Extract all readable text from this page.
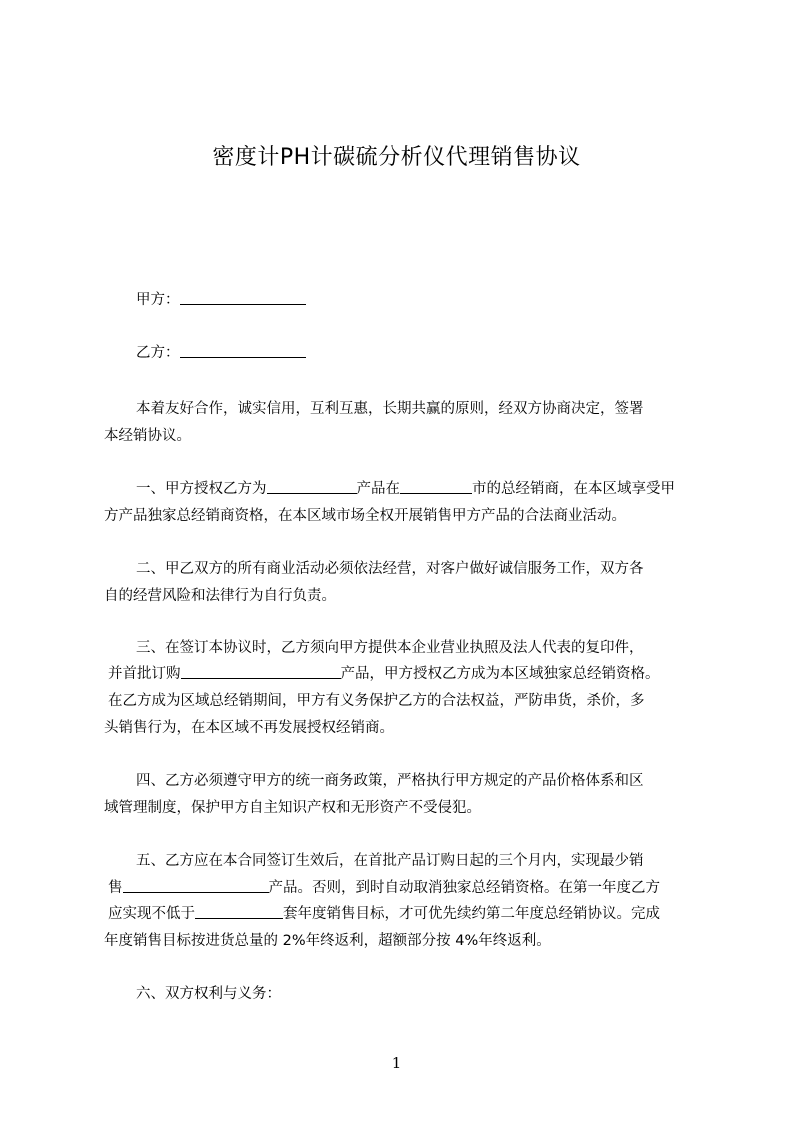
密度计PH计碳硫分析仪代理销售协议
甲方：
乙方：
本着友好合作，诚实信用，互利互惠，长期共赢的原则，经双方协商决定，签署
本经销协议。
一、甲方授权乙方为	产品在	市的总经销商，在本区域享受甲
方产品独家总经销商资格，在本区域市场全权开展销售甲方产品的合法商业活动。
二、甲乙双方的所有商业活动必须依法经营，对客户做好诚信服务工作，双方各
自的经营风险和法律行为自行负责。
三、在签订本协议时，乙方须向甲方提供本企业营业执照及法人代表的复印件，
并首批订购	产品，甲方授权乙方成为本区域独家总经销资格。
在乙方成为区域总经销期间，甲方有义务保护乙方的合法权益，严防串货，杀价，多
头销售行为，在本区域不再发展授权经销商。
四、乙方必须遵守甲方的统一商务政策，严格执行甲方规定的产品价格体系和区
域管理制度，保护甲方自主知识产权和无形资产不受侵犯。
五、乙方应在本合同签订生效后，在首批产品订购日起的三个月内，实现最少销
售	产品。否则，到时自动取消独家总经销资格。在第一年度乙方
应实现不低于	套年度销售目标，才可优先续约第二年度总经销协议。完成
年度销售目标按进货总量的 2%年终返利，超额部分按 4%年终返利。
六、双方权利与义务：
1
